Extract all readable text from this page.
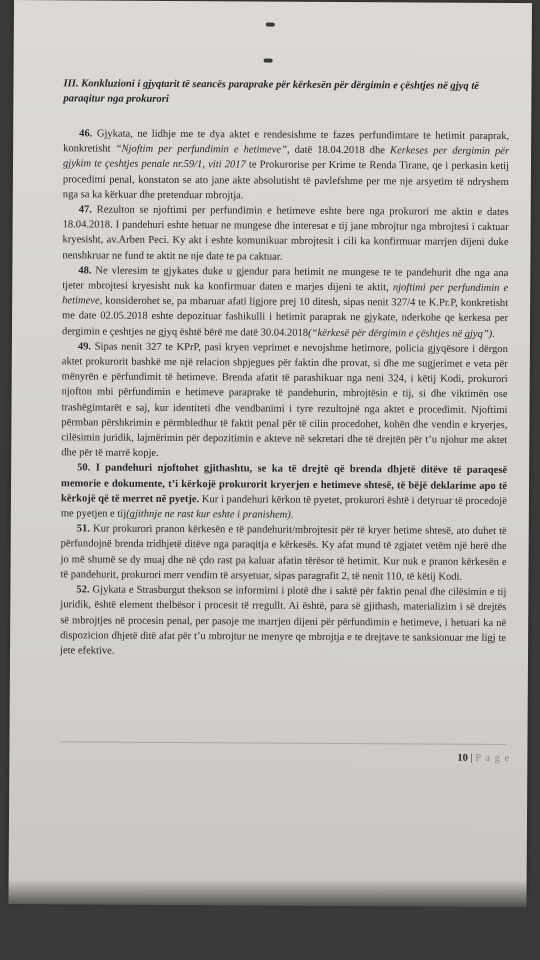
III. Konkluzioni i gjyqtarit të seancës paraprake për kërkesën për dërgimin e çështjes në gjyq të paraqitur nga prokurori

46. Gjykata, ne lidhje me te dya aktet e rendesishme te fazes perfundimtare te hetimit paraprak, konkretisht “Njoftim per perfundimin e hetimeve”, datë 18.04.2018 dhe Kerkeses per dergimin për gjykim te çeshtjes penale nr.59/1, viti 2017 te Prokurorise per Krime te Renda Tirane, qe i perkasin ketij procedimi penal, konstaton se ato jane akte absolutisht të pavlefshme per me nje arsyetim të ndryshem nga sa ka kërkuar dhe pretenduar mbrojtja.

47. Rezulton se njoftimi per perfundimin e hetimeve eshte bere nga prokurori me aktin e dates 18.04.2018. I pandehuri eshte hetuar ne mungese dhe interesat e tij jane mbrojtur nga mbrojtesi i caktuar kryesisht, av.Arben Peci. Ky akt i eshte komunikuar mbrojtesit i cili ka konfirmuar marrjen dijeni duke nenshkruar ne fund te aktit ne nje date te pa caktuar.

48. Ne vleresim te gjykates duke u gjendur para hetimit ne mungese te te pandehurit dhe nga ana tjeter mbrojtesi kryesisht nuk ka konfirmuar daten e marjes dijeni te aktit, njoftimi per perfundimin e hetimeve, konsiderohet se, pa mbaruar afati ligjore prej 10 ditesh, sipas nenit 327/4 te K.Pr.P, konkretisht me date 02.05.2018 eshte depozituar fashikulli i hetimit paraprak ne gjykate, nderkohe qe kerkesa per dergimin e çeshtjes ne gjyq është bërë me datë 30.04.2018(“kërkesë për dërgimin e çështjes në gjyq”).

49. Sipas nenit 327 te KPrP, pasi kryen veprimet e nevojshme hetimore, policia gjyqësore i dërgon aktet prokurorit bashkë me një relacion shpjegues për faktin dhe provat, si dhe me sugjerimet e veta për mënyrën e përfundimit të hetimeve. Brenda afatit të parashikuar nga neni 324, i këtij Kodi, prokurori njofton mbi përfundimin e hetimeve paraprake të pandehurin, mbrojtësin e tij, si dhe viktimën ose trashëgimtarët e saj, kur identiteti dhe vendbanimi i tyre rezultojnë nga aktet e procedimit. Njoftimi përmban përshkrimin e përmbledhur të faktit penal për të cilin procedohet, kohën dhe vendin e kryerjes, cilësimin juridik, lajmërimin për depozitimin e akteve në sekretari dhe të drejtën për t’u njohur me aktet dhe për të marrë kopje.

50. I pandehuri njoftohet gjithashtu, se ka të drejtë që brenda dhjetë ditëve të paraqesë memorie e dokumente, t’i kërkojë prokurorit kryerjen e hetimeve shtesë, të bëjë deklarime apo të kërkojë që të merret në pyetje. Kur i pandehuri kërkon të pyetet, prokurori është i detyruar të procedojë me pyetjen e tij(gjithnje ne rast kur eshte i pranishem).

51. Kur prokurori pranon kërkesën e të pandehurit/mbrojtesit për të kryer hetime shtesë, ato duhet të përfundojnë brenda tridhjetë ditëve nga paraqitja e kërkesës. Ky afat mund të zgjatet vetëm një herë dhe jo më shumë se dy muaj dhe në çdo rast pa kaluar afatin tërësor të hetimit. Kur nuk e pranon kërkesën e të pandehurit, prokurori merr vendim të arsyetuar, sipas paragrafit 2, të nenit 110, të këtij Kodi.

52. Gjykata e Strasburgut thekson se informimi i plotë dhe i saktë për faktin penal dhe cilësimin e tij juridik, është element thelbësor i procesit të rregullt. Ai është, para së gjithash, materializim i së drejtës së mbrojtjes në procesin penal, per pasoje me marrjen dijeni për përfundimin e hetimeve, i hetuari ka në dispozicion dhjetë ditë afat për t’u mbrojtur ne menyre qe mbrojtja e te drejtave te sanksionuar me ligj te jete efektive.

10 | P a g e
